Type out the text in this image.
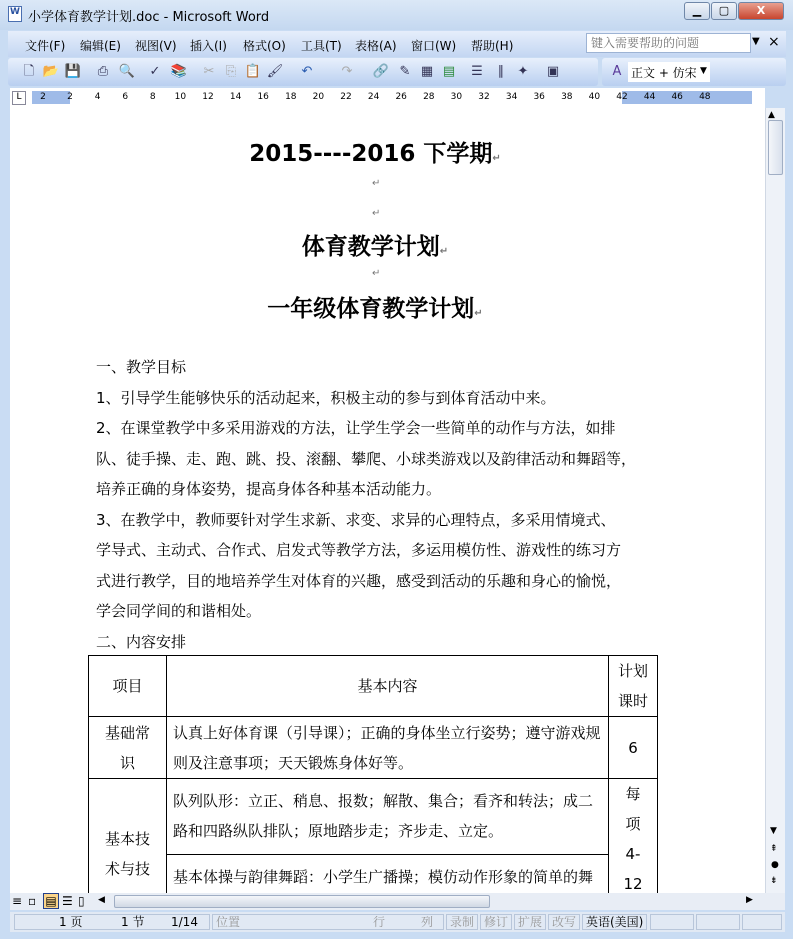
W 小学体育教学计划.doc - Microsoft Word	▁	▢	X
文件(F) 编辑(E) 视图(V) 插入(I) 格式(O) 工具(T) 表格(A) 窗口(W) 帮助(H)
键入需要帮助的问题	▼ ×
🗋 📂 💾 ⎙ 🔍 ✓ 📚 ✂ ⎘ 📋 🖌 ↶ ↷ 🔗 ✎ ▦ ▤ ☰	∥	✦ ▣	A 正文 + 仿宋 ▼
L	2	2	4	6	8	10	12	14	16	18	20	22	24	26	28	30	32	34	36	38	40	42	44	46	48
2015----2016 下学期↵
↵
↵
体育教学计划↵
↵
一年级体育教学计划↵
一、教学目标
1、引导学生能够快乐的活动起来，积极主动的参与到体育活动中来。
2、在课堂教学中多采用游戏的方法，让学生学会一些简单的动作与方法，如排
队、徒手操、走、跑、跳、投、滚翻、攀爬、小球类游戏以及韵律活动和舞蹈等，
培养正确的身体姿势，提高身体各种基本活动能力。
3、在教学中，教师要针对学生求新、求变、求异的心理特点，多采用情境式、
学导式、主动式、合作式、启发式等教学方法，多运用模仿性、游戏性的练习方
式进行教学，目的地培养学生对体育的兴趣，感受到活动的乐趣和身心的愉悦，
学会同学间的和谐相处。
二、内容安排
项目	基本内容	计划课时
基础常识	认真上好体育课（引导课）；正确的身体坐立行姿势；遵守游戏规则及注意事项；天天锻炼身体好等。	6
基本技术与技	队列队形：立正、稍息、报数；解散、集合；看齐和转法；成二路和四路纵队排队；原地踏步走；齐步走、立定。	每项4-12
	基本体操与韵律舞蹈：小学生广播操；模仿动作形象的简单的舞	
▲
▼
⇞
●
⇟
≡ ▫ ▤ ☰ ▯ ◀	▶
1 页	1 节 1/14	位置	行	列	录制 修订 扩展 改写 英语(美国)
